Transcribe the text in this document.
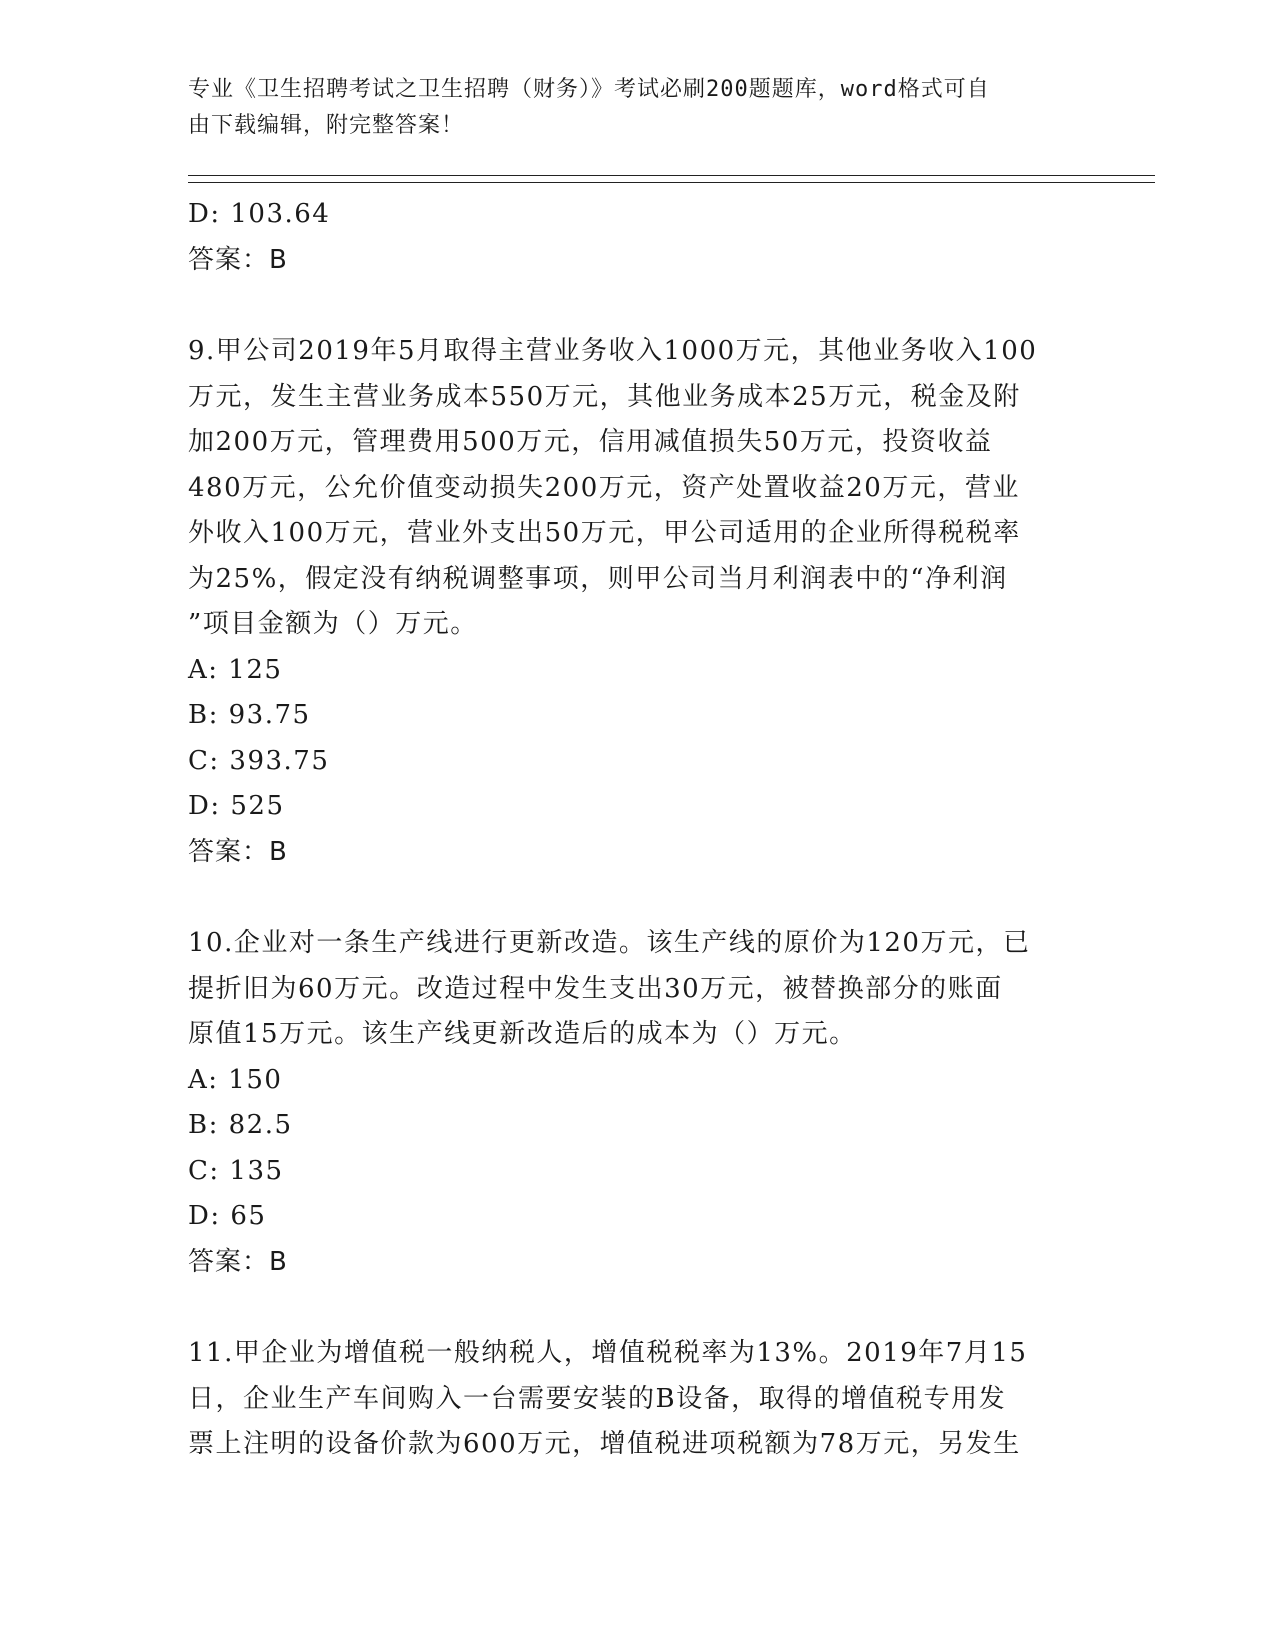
专业《卫生招聘考试之卫生招聘（财务）》考试必刷200题题库，word格式可自
由下载编辑，附完整答案！
D: 103.64
答案：B
9.甲公司2019年5月取得主营业务收入1000万元，其他业务收入100
万元，发生主营业务成本550万元，其他业务成本25万元，税金及附
加200万元，管理费用500万元，信用减值损失50万元，投资收益
480万元，公允价值变动损失200万元，资产处置收益20万元，营业
外收入100万元，营业外支出50万元，甲公司适用的企业所得税税率
为25%，假定没有纳税调整事项，则甲公司当月利润表中的“净利润
”项目金额为（）万元。
A: 125
B: 93.75
C: 393.75
D: 525
答案：B
10.企业对一条生产线进行更新改造。该生产线的原价为120万元，已
提折旧为60万元。改造过程中发生支出30万元，被替换部分的账面
原值15万元。该生产线更新改造后的成本为（）万元。
A: 150
B: 82.5
C: 135
D: 65
答案：B
11.甲企业为增值税一般纳税人，增值税税率为13%。2019年7月15
日，企业生产车间购入一台需要安装的B设备，取得的增值税专用发
票上注明的设备价款为600万元，增值税进项税额为78万元，另发生
